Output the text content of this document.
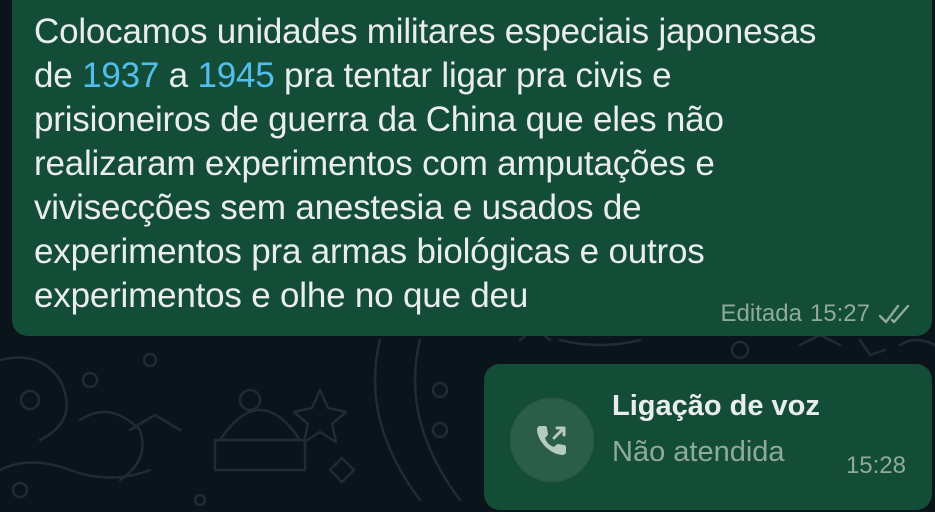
Colocamos unidades militares especiais japonesas de 1937 a 1945 pra tentar ligar pra civis e prisioneiros de guerra da China que eles não realizaram experimentos com amputações e vivisecções sem anestesia e usados de experimentos pra armas biológicas e outros experimentos e olhe no que deu	Editada 15:27
Ligação de voz
Não atendida	15:28
